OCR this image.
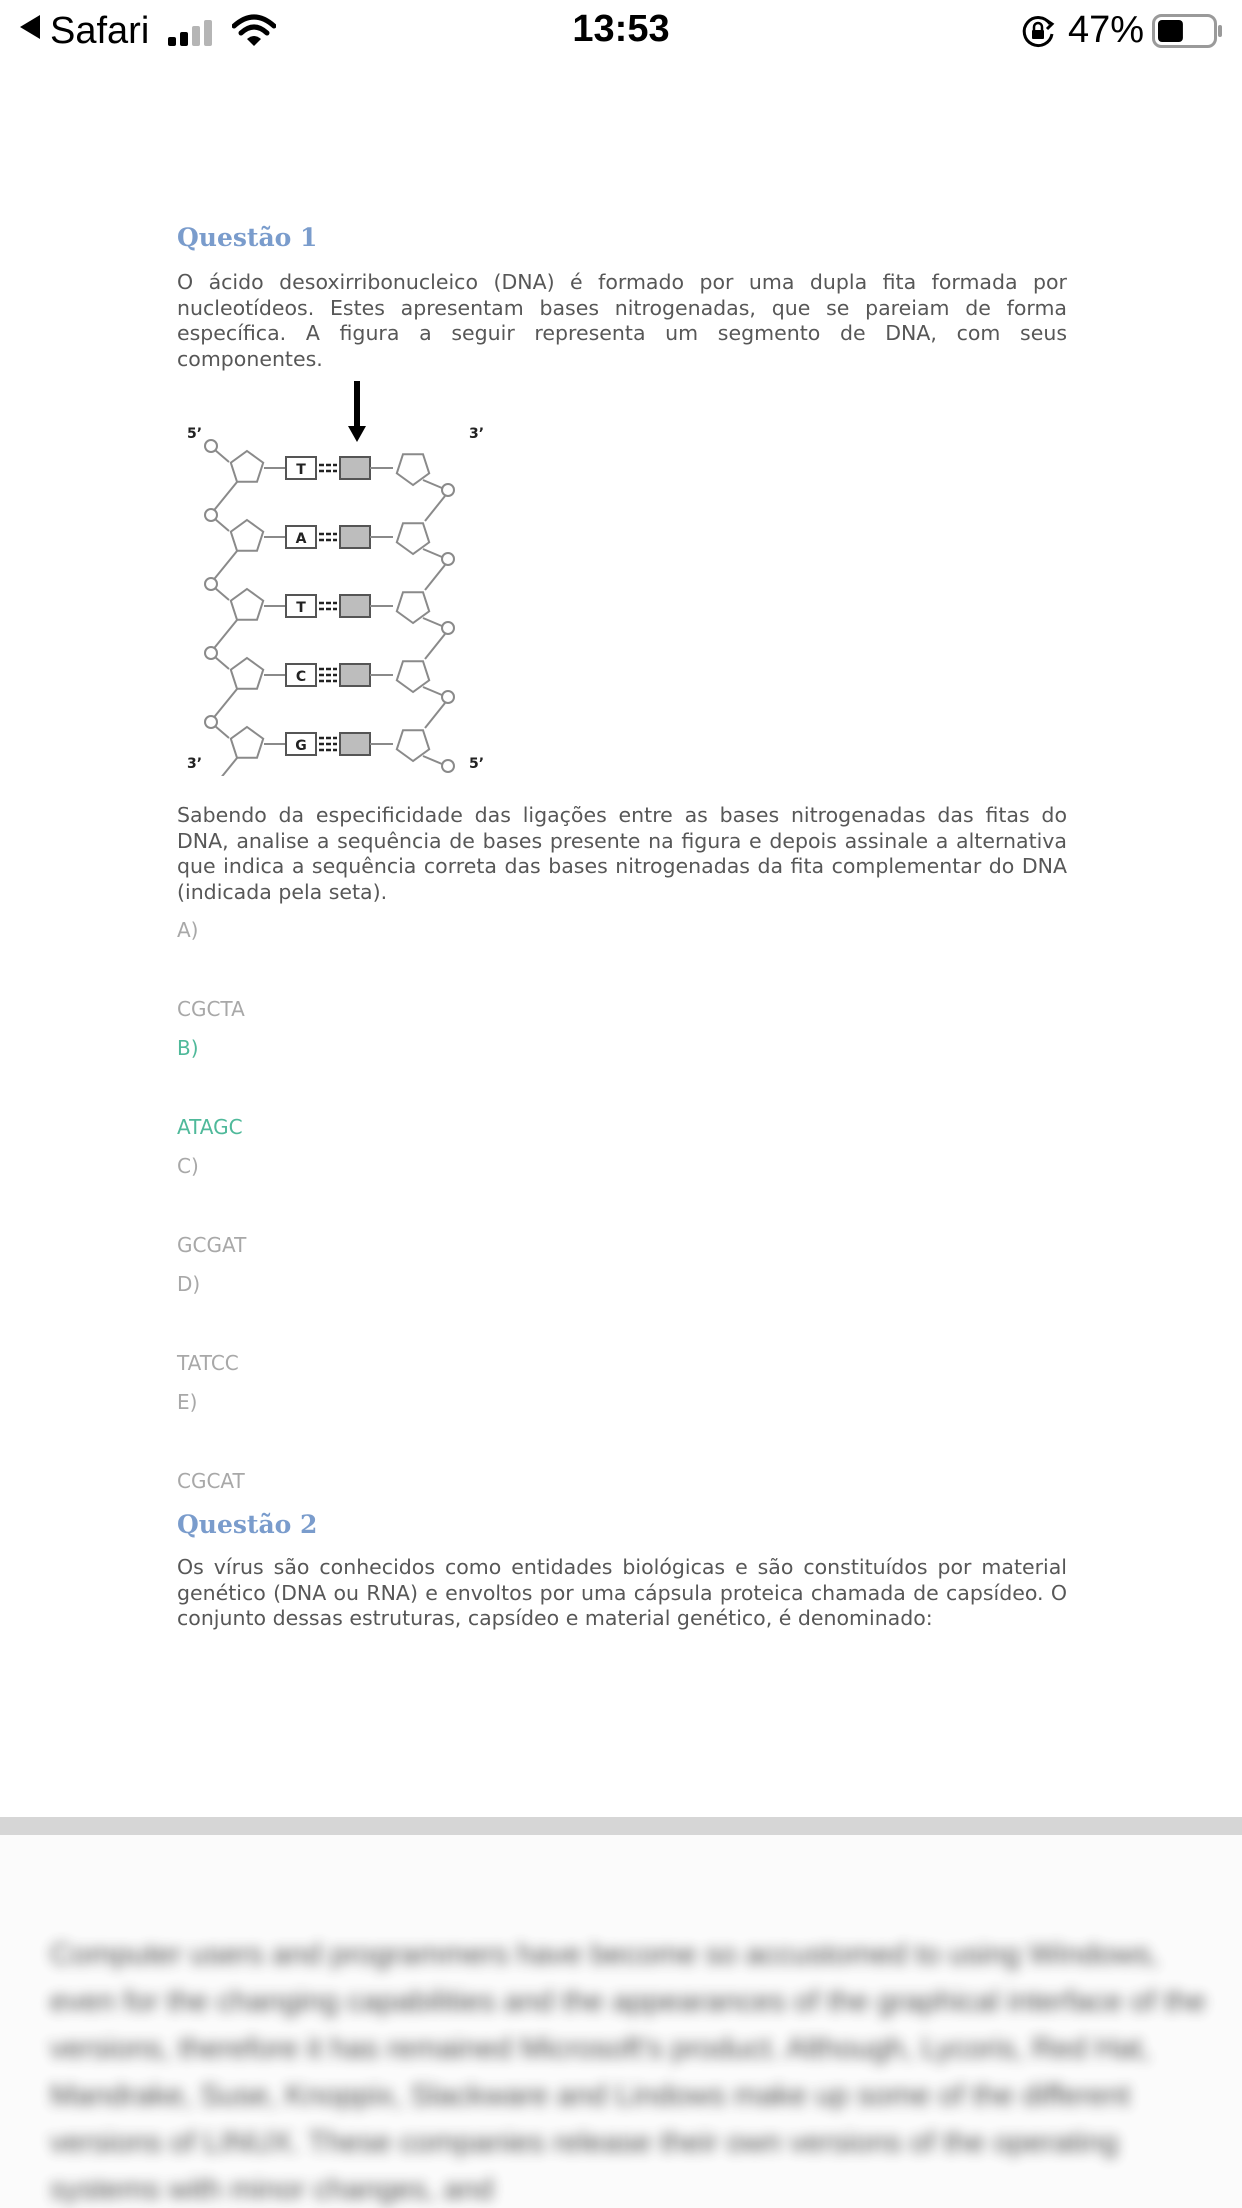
Safari	13:53	47%
Questão 1
O ácido desoxirribonucleico (DNA) é formado por uma dupla fita formada por nucleotídeos. Estes apresentam bases nitrogenadas, que se pareiam de forma específica. A figura a seguir representa um segmento de DNA, com seus componentes.
5’	3’
3’	5’
T
A
T
C
G
Sabendo da especificidade das ligações entre as bases nitrogenadas das fitas do DNA, analise a sequência de bases presente na figura e depois assinale a alternativa que indica a sequência correta das bases nitrogenadas da fita complementar do DNA (indicada pela seta).
A)
CGCTA
B)
ATAGC
C)
GCGAT
D)
TATCC
E)
CGCAT
Questão 2
Os vírus são conhecidos como entidades biológicas e são constituídos por material genético (DNA ou RNA) e envoltos por uma cápsula proteica chamada de capsídeo. O conjunto dessas estruturas, capsídeo e material genético, é denominado:
Computer users and programmers have become so accustomed to using Windows, even for the changing capabilities and the appearances of the graphical interface of the versions, therefore it has remained Microsoft's product. Although, Lycoris, Red Hat, Mandrake, Suse, Knoppix, Slackware and Lindows make up some of the different versions of LINUX. These companies release their own versions of the operating systems with minor changes, and
